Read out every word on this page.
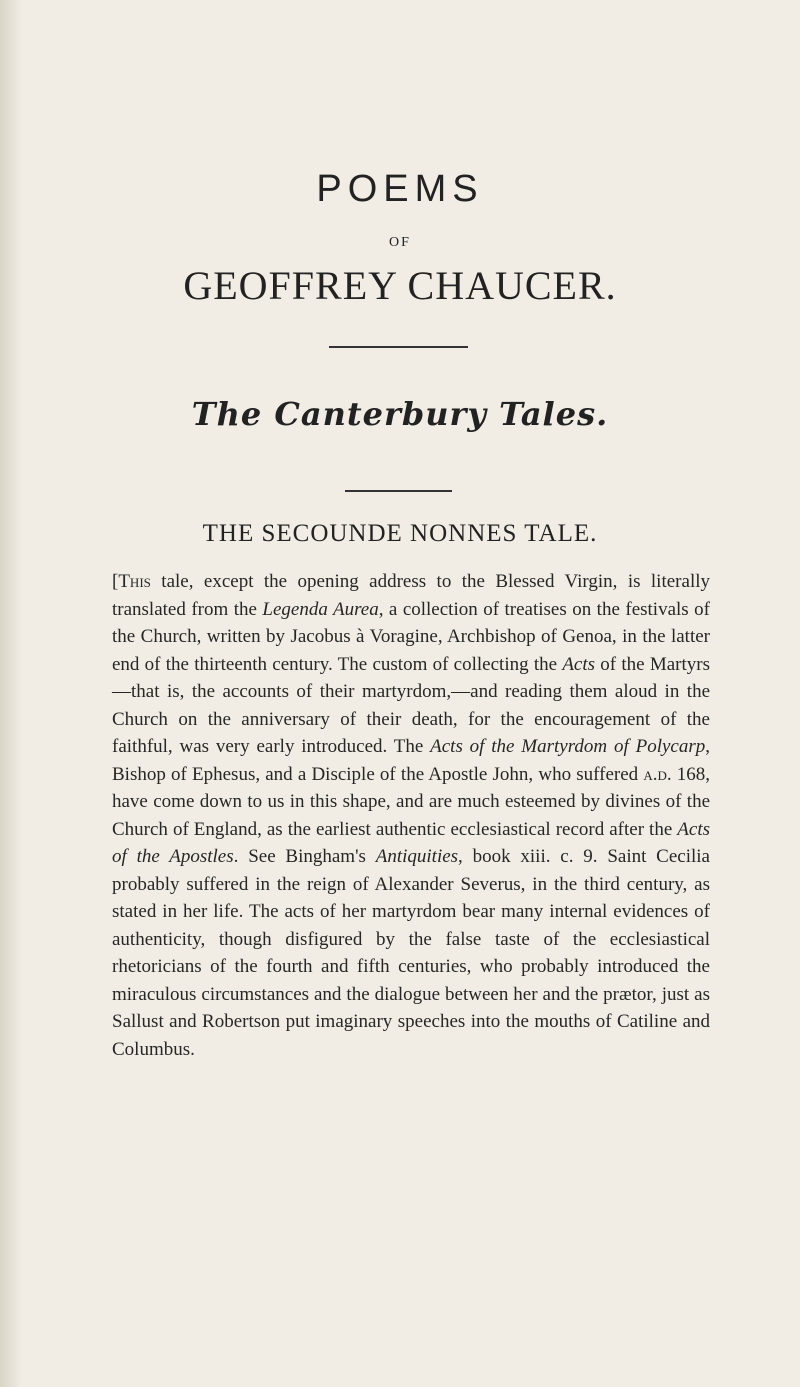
POEMS
OF
GEOFFREY CHAUCER.
The Canterbury Tales.
THE SECOUNDE NONNES TALE.

[This tale, except the opening address to the Blessed Virgin, is literally translated from the Legenda Aurea, a collection of treatises on the festivals of the Church, written by Jacobus à Voragine, Archbishop of Genoa, in the latter end of the thirteenth century. The custom of collecting the Acts of the Martyrs—that is, the accounts of their martyrdom,—and reading them aloud in the Church on the anniversary of their death, for the encouragement of the faithful, was very early introduced. The Acts of the Martyrdom of Polycarp, Bishop of Ephesus, and a Disciple of the Apostle John, who suffered a.d. 168, have come down to us in this shape, and are much esteemed by divines of the Church of England, as the earliest authentic ecclesiastical record after the Acts of the Apostles. See Bingham's Antiquities, book xiii. c. 9. Saint Cecilia probably suffered in the reign of Alexander Severus, in the third century, as stated in her life. The acts of her martyrdom bear many internal evidences of authenticity, though disfigured by the false taste of the ecclesiastical rhetoricians of the fourth and fifth centuries, who probably introduced the miraculous circumstances and the dialogue between her and the prætor, just as Sallust and Robertson put imaginary speeches into the mouths of Catiline and Columbus.
